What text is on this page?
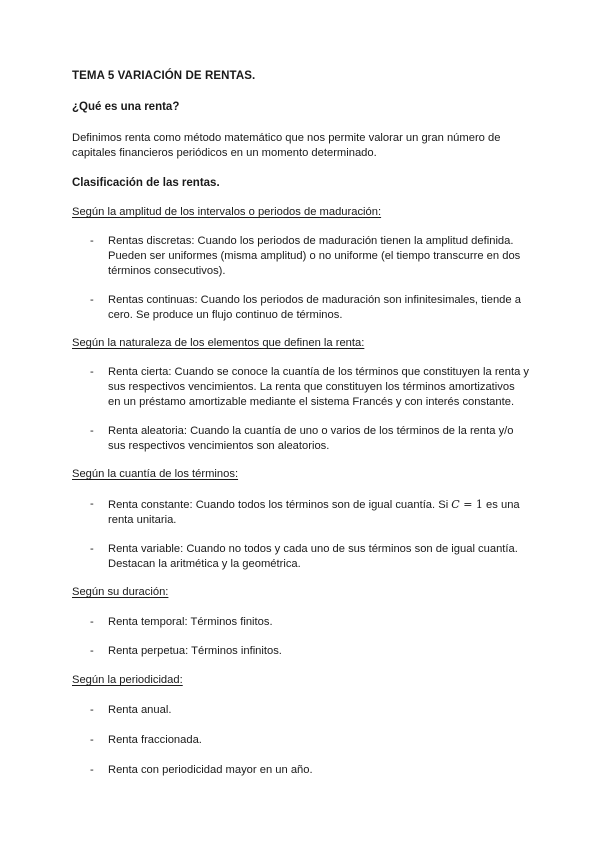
TEMA 5 VARIACIÓN DE RENTAS.
¿Qué es una renta?
Definimos renta como método matemático que nos permite valorar un gran número de capitales financieros periódicos en un momento determinado.
Clasificación de las rentas.
Según la amplitud de los intervalos o periodos de maduración:
- Rentas discretas: Cuando los periodos de maduración tienen la amplitud definida. Pueden ser uniformes (misma amplitud) o no uniforme (el tiempo transcurre en dos términos consecutivos).
- Rentas continuas: Cuando los periodos de maduración son infinitesimales, tiende a cero. Se produce un flujo continuo de términos.
Según la naturaleza de los elementos que definen la renta:
- Renta cierta: Cuando se conoce la cuantía de los términos que constituyen la renta y sus respectivos vencimientos. La renta que constituyen los términos amortizativos en un préstamo amortizable mediante el sistema Francés y con interés constante.
- Renta aleatoria: Cuando la cuantía de uno o varios de los términos de la renta y/o sus respectivos vencimientos son aleatorios.
Según la cuantía de los términos:
- Renta constante: Cuando todos los términos son de igual cuantía. Si C = 1 es una renta unitaria.
- Renta variable: Cuando no todos y cada uno de sus términos son de igual cuantía. Destacan la aritmética y la geométrica.
Según su duración:
- Renta temporal: Términos finitos.
- Renta perpetua: Términos infinitos.
Según la periodicidad:
- Renta anual.
- Renta fraccionada.
- Renta con periodicidad mayor en un año.
